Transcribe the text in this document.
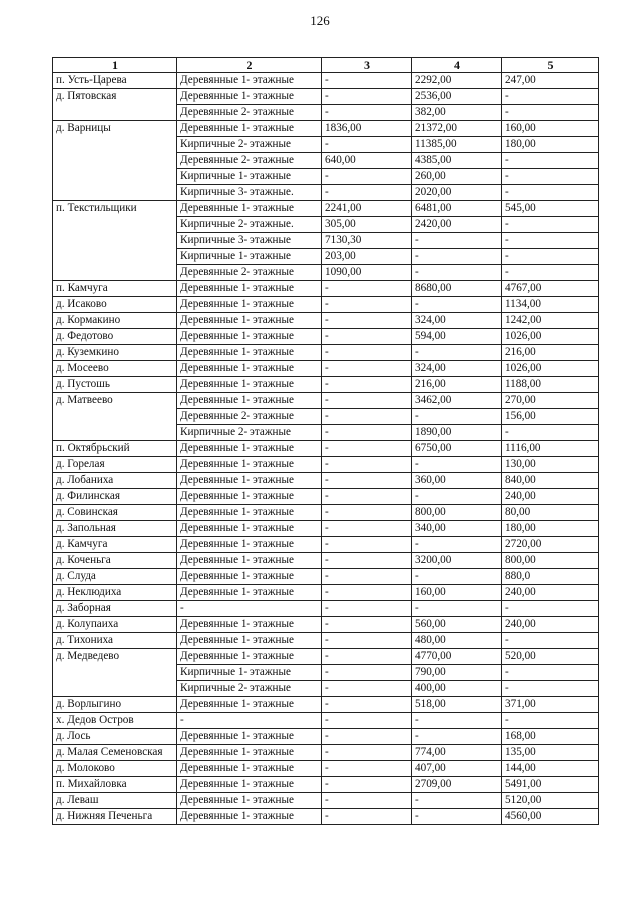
126
1	2	3	4	5
п. Усть-Царева	Деревянные 1- этажные	-	2292,00	247,00
д. Пятовская	Деревянные 1- этажные	-	2536,00	-
	Деревянные 2- этажные	-	382,00	-
д. Варницы	Деревянные 1- этажные	1836,00	21372,00	160,00
	Кирпичные 2- этажные	-	11385,00	180,00
	Деревянные 2- этажные	640,00	4385,00	-
	Кирпичные 1- этажные	-	260,00	-
	Кирпичные 3- этажные.	-	2020,00	-
п. Текстильщики	Деревянные 1- этажные	2241,00	6481,00	545,00
	Кирпичные 2- этажные.	305,00	2420,00	-
	Кирпичные 3- этажные	7130,30	-	-
	Кирпичные 1- этажные	203,00	-	-
	Деревянные 2- этажные	1090,00	-	-
п. Камчуга	Деревянные 1- этажные	-	8680,00	4767,00
д. Исаково	Деревянные 1- этажные	-	-	1134,00
д. Кормакино	Деревянные 1- этажные	-	324,00	1242,00
д. Федотово	Деревянные 1- этажные	-	594,00	1026,00
д. Куземкино	Деревянные 1- этажные	-	-	216,00
д. Мосеево	Деревянные 1- этажные	-	324,00	1026,00
д. Пустошь	Деревянные 1- этажные	-	216,00	1188,00
д. Матвеево	Деревянные 1- этажные	-	3462,00	270,00
	Деревянные 2- этажные	-	-	156,00
	Кирпичные 2- этажные	-	1890,00	-
п. Октябрьский	Деревянные 1- этажные	-	6750,00	1116,00
д. Горелая	Деревянные 1- этажные	-	-	130,00
д. Лобаниха	Деревянные 1- этажные	-	360,00	840,00
д. Филинская	Деревянные 1- этажные	-	-	240,00
д. Совинская	Деревянные 1- этажные	-	800,00	80,00
д. Запольная	Деревянные 1- этажные	-	340,00	180,00
д. Камчуга	Деревянные 1- этажные	-	-	2720,00
д. Коченьга	Деревянные 1- этажные	-	3200,00	800,00
д. Слуда	Деревянные 1- этажные	-	-	880,0
д. Неклюдиха	Деревянные 1- этажные	-	160,00	240,00
д. Заборная	-	-	-	-
д. Колупаиха	Деревянные 1- этажные	-	560,00	240,00
д. Тихониха	Деревянные 1- этажные	-	480,00	-
д. Медведево	Деревянные 1- этажные	-	4770,00	520,00
	Кирпичные 1- этажные	-	790,00	-
	Кирпичные 2- этажные	-	400,00	-
д. Ворлыгино	Деревянные 1- этажные	-	518,00	371,00
х. Дедов Остров	-	-	-	-
д. Лось	Деревянные 1- этажные	-	-	168,00
д. Малая Семеновская	Деревянные 1- этажные	-	774,00	135,00
д. Молоково	Деревянные 1- этажные	-	407,00	144,00
п. Михайловка	Деревянные 1- этажные	-	2709,00	5491,00
д. Леваш	Деревянные 1- этажные	-	-	5120,00
д. Нижняя Печеньга	Деревянные 1- этажные	-	-	4560,00
